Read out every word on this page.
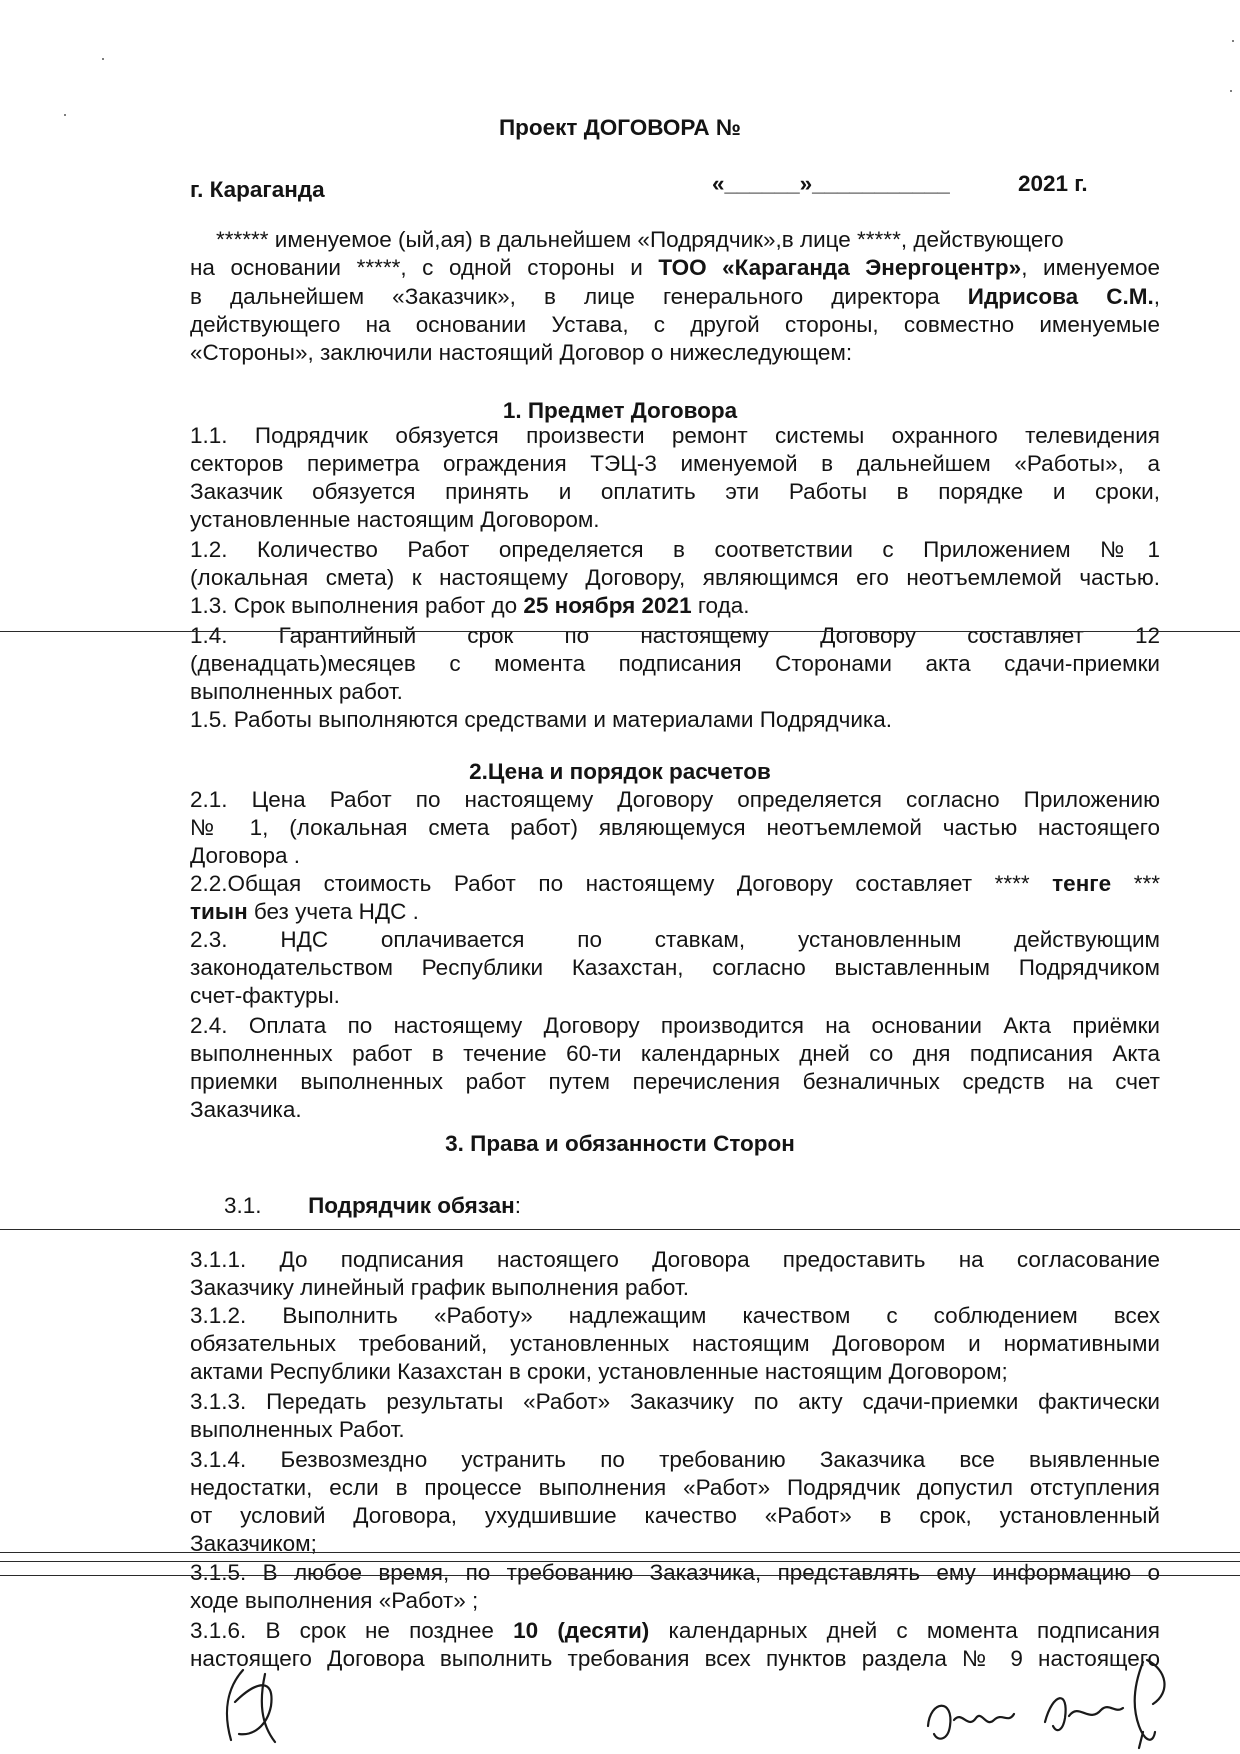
Проект ДОГОВОРА №
г. Караганда	«______»___________	2021 г.
****** именуемое (ый,ая) в дальнейшем «Подрядчик»,в лице *****, действующего
на основании *****, с одной стороны и ТОО «Караганда Энергоцентр», именуемое
в дальнейшем «Заказчик», в лице генерального директора Идрисова С.М.,
действующего на основании Устава, с другой стороны, совместно именуемые
«Стороны», заключили настоящий Договор о нижеследующем:
1. Предмет Договора
1.1. Подрядчик обязуется произвести ремонт системы охранного телевидения
секторов периметра ограждения ТЭЦ-3 именуемой в дальнейшем «Работы», а
Заказчик обязуется принять и оплатить эти Работы в порядке и сроки,
установленные настоящим Договором.
1.2. Количество Работ определяется в соответствии с Приложением №1
(локальная смета) к настоящему Договору, являющимся его неотъемлемой частью.
1.3. Срок выполнения работ до 25 ноября 2021 года.
1.4. Гарантийный срок по настоящему Договору составляет 12
(двенадцать)месяцев с момента подписания Сторонами акта сдачи-приемки
выполненных работ.
1.5. Работы выполняются средствами и материалами Подрядчика.
2.Цена и порядок расчетов
2.1. Цена Работ по настоящему Договору определяется согласно Приложению
№ 1, (локальная смета работ) являющемуся неотъемлемой частью настоящего
Договора .
2.2.Общая стоимость Работ по настоящему Договору составляет **** тенге ***
тиын без учета НДС .
2.3. НДС оплачивается по ставкам, установленным действующим
законодательством Республики Казахстан, согласно выставленным Подрядчиком
счет-фактуры.
2.4. Оплата по настоящему Договору производится на основании Акта приёмки
выполненных работ в течение 60-ти календарных дней со дня подписания Акта
приемки выполненных работ путем перечисления безналичных средств на счет
Заказчика.
3. Права и обязанности Сторон
3.1. Подрядчик обязан:
3.1.1. До подписания настоящего Договора предоставить на согласование
Заказчику линейный график выполнения работ.
3.1.2. Выполнить «Работу» надлежащим качеством с соблюдением всех
обязательных требований, установленных настоящим Договором и нормативными
актами Республики Казахстан в сроки, установленные настоящим Договором;
3.1.3. Передать результаты «Работ» Заказчику по акту сдачи-приемки фактически
выполненных Работ.
3.1.4. Безвозмездно устранить по требованию Заказчика все выявленные
недостатки, если в процессе выполнения «Работ» Подрядчик допустил отступления
от условий Договора, ухудшившие качество «Работ» в срок, установленный
Заказчиком;
3.1.5. В любое время, по требованию Заказчика, представлять ему информацию о
ходе выполнения «Работ» ;
3.1.6. В срок не позднее 10 (десяти) календарных дней с момента подписания
настоящего Договора выполнить требования всех пунктов раздела № 9 настоящего
